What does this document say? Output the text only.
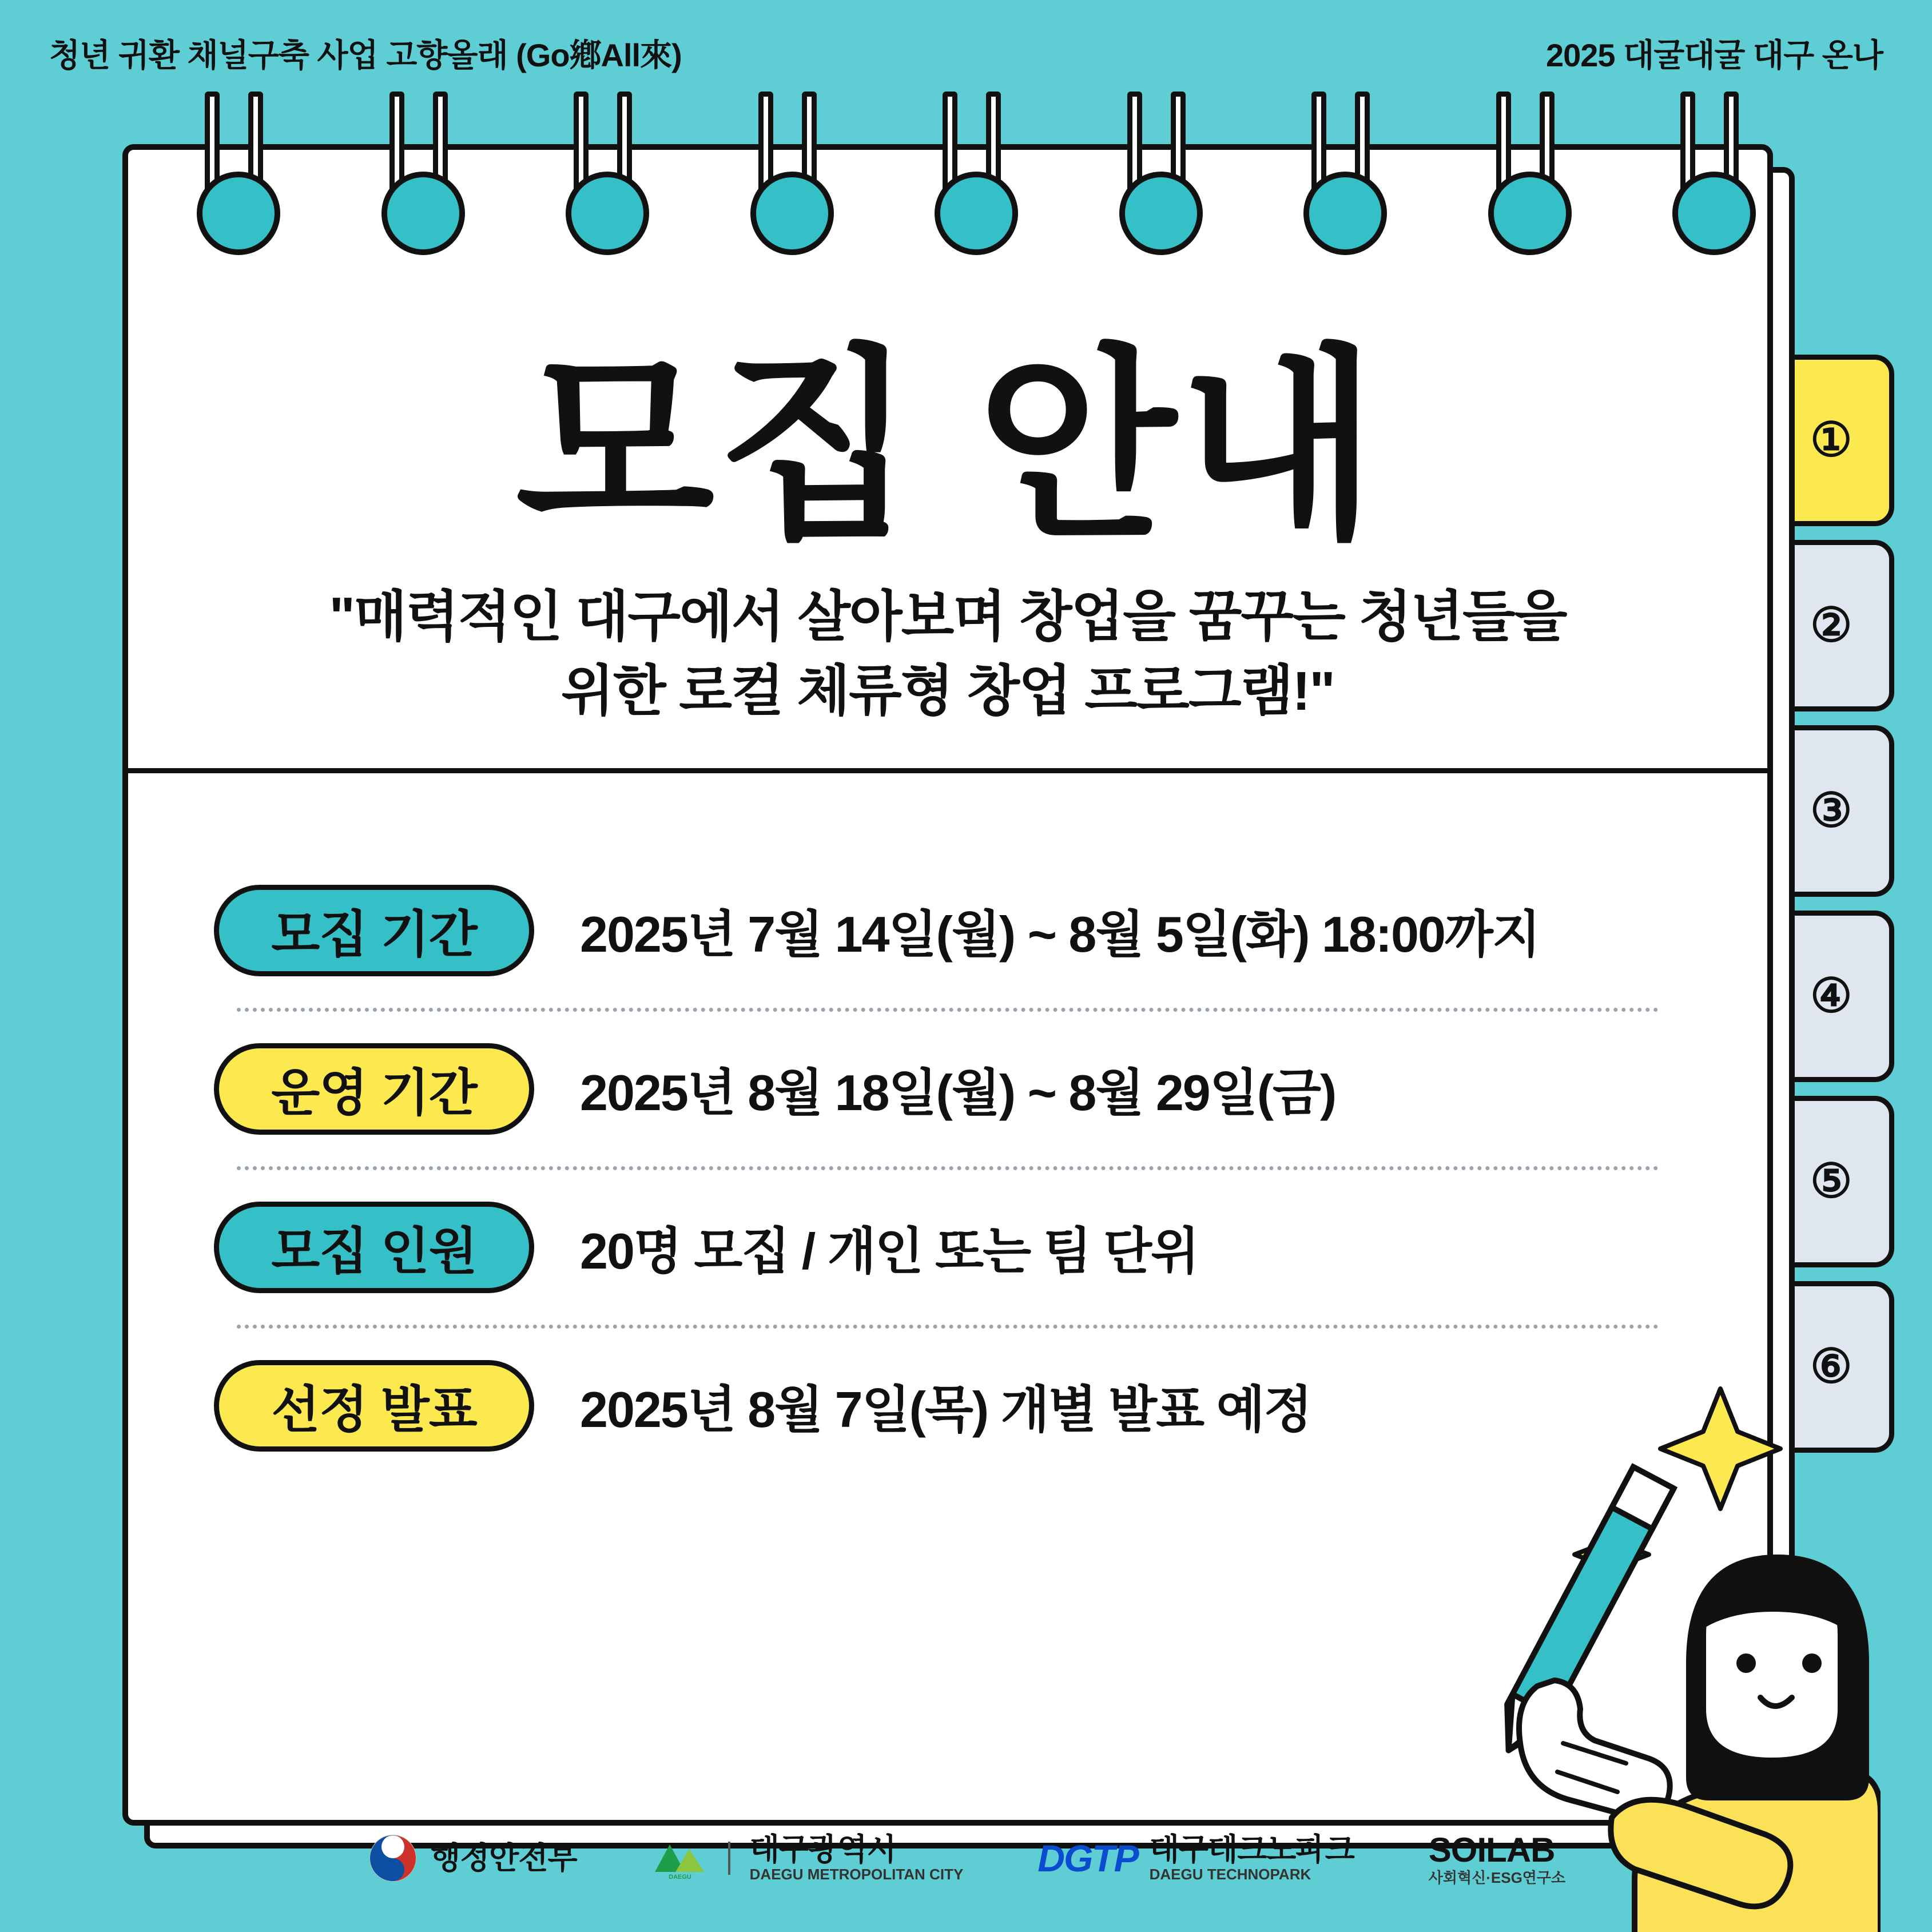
청년 귀환 채널구축 사업 고향올래 (Go鄕All來)	2025 대굴대굴 대구 온나
①
②
③
④
⑤
⑥
모집 안내
"매력적인 대구에서 살아보며 창업을 꿈꾸는 청년들을
위한 로컬 체류형 창업 프로그램!"
모집 기간	2025년 7월 14일(월) ~ 8월 5일(화) 18:00까지
운영 기간	2025년 8월 18일(월) ~ 8월 29일(금)
모집 인원	20명 모집 / 개인 또는 팀 단위
선정 발표	2025년 8월 7일(목) 개별 발표 예정
행정안전부
DAEGU
대구광역시
DAEGU METROPOLITAN CITY DGTP 대구테크노파크
DAEGU TECHNOPARK
SOILAB
사회혁신·ESG연구소
